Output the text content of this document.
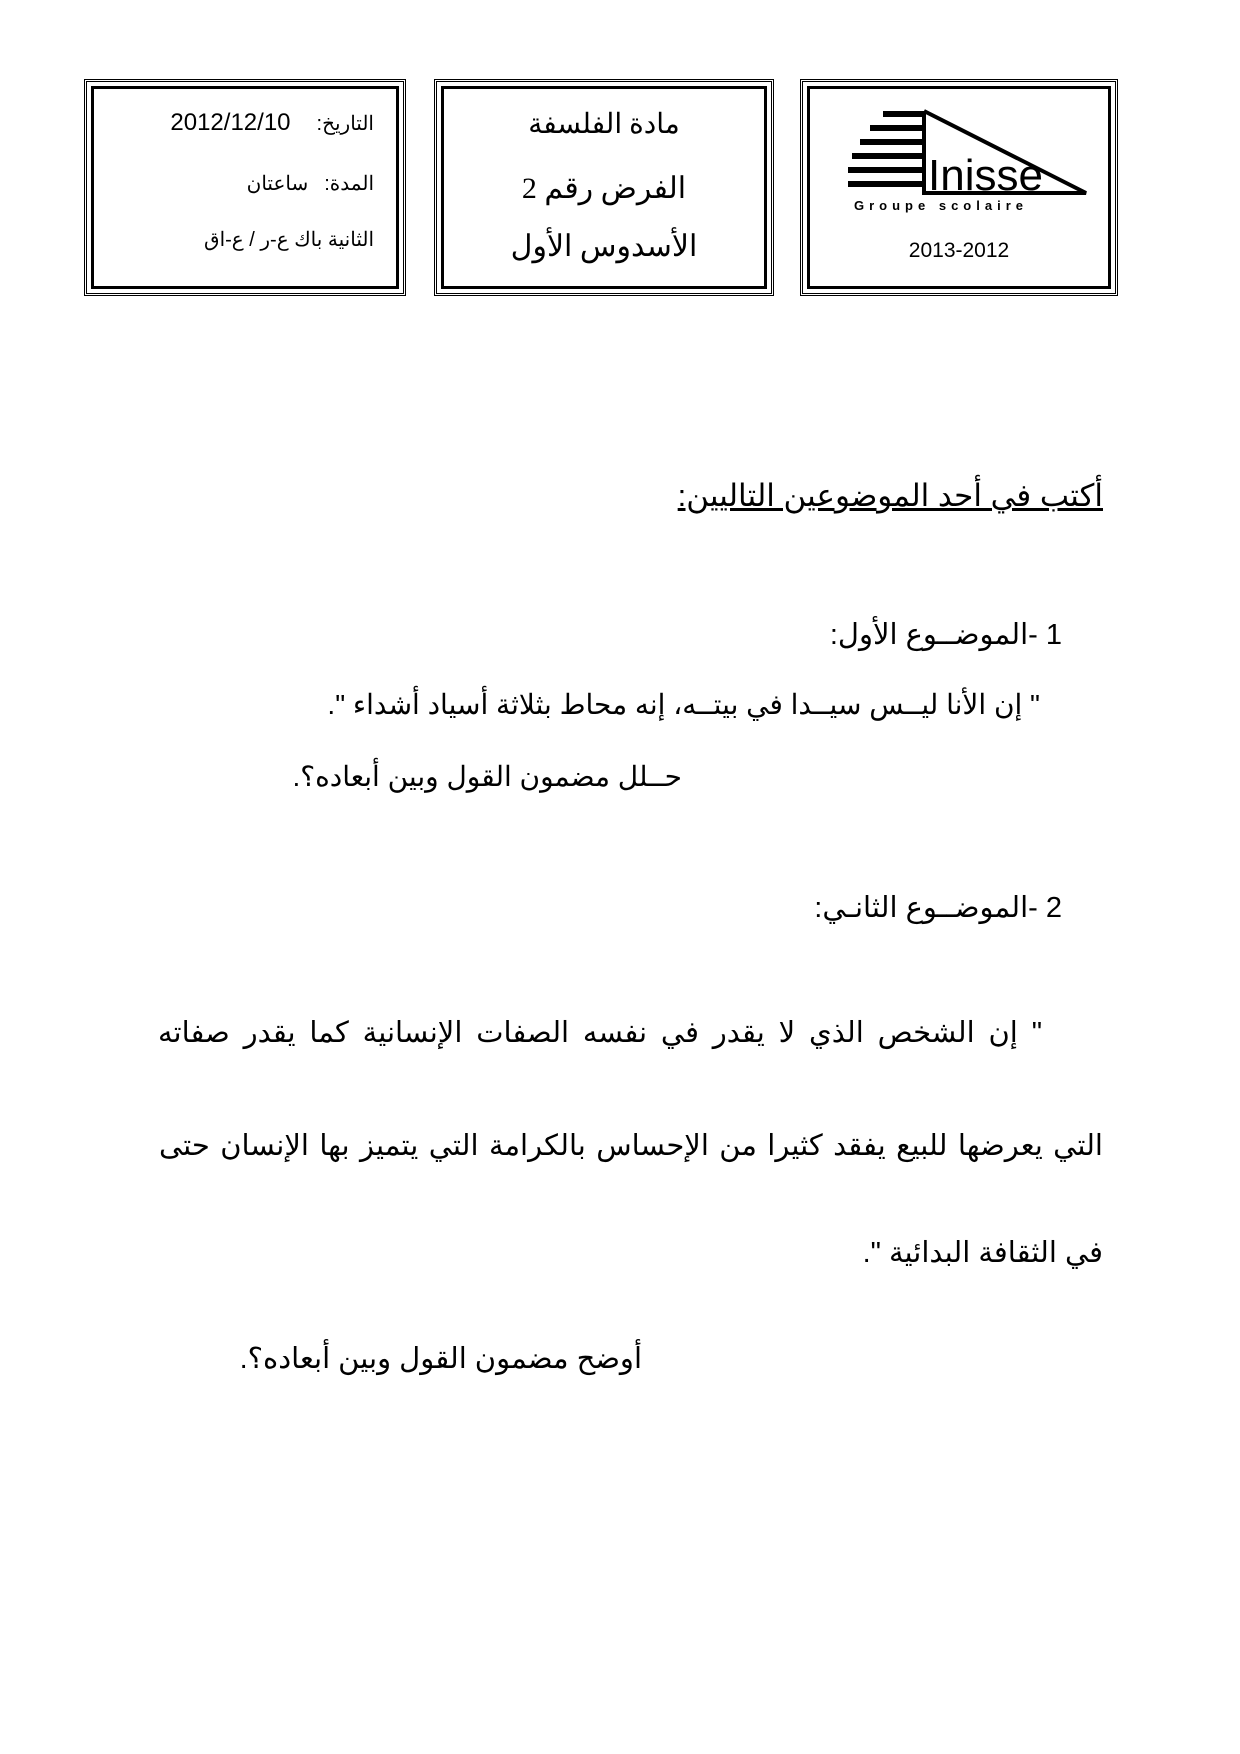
Inisse
Groupe scolaire
2013-2012
مادة الفلسفة
الفرض رقم 2
الأسدوس الأول
التاريخ:2012/12/10
المدة:ساعتان
الثانية باك ع-ر / ع-اق
أكتب في أحد الموضوعين التاليين:
1 -الموضــوع الأول:
" إن الأنا ليــس سيــدا في بيتــه، إنه محاط بثلاثة أسياد أشداء ".
حــلل مضمون القول وبين أبعاده؟.
2 -الموضــوع الثانـي:
" إن الشخص الذي لا يقدر في نفسه الصفات الإنسانية كما يقدر صفاته
التي يعرضها للبيع يفقد كثيرا من الإحساس بالكرامة التي يتميز بها الإنسان حتى
في الثقافة البدائية ".
أوضح مضمون القول وبين أبعاده؟.
